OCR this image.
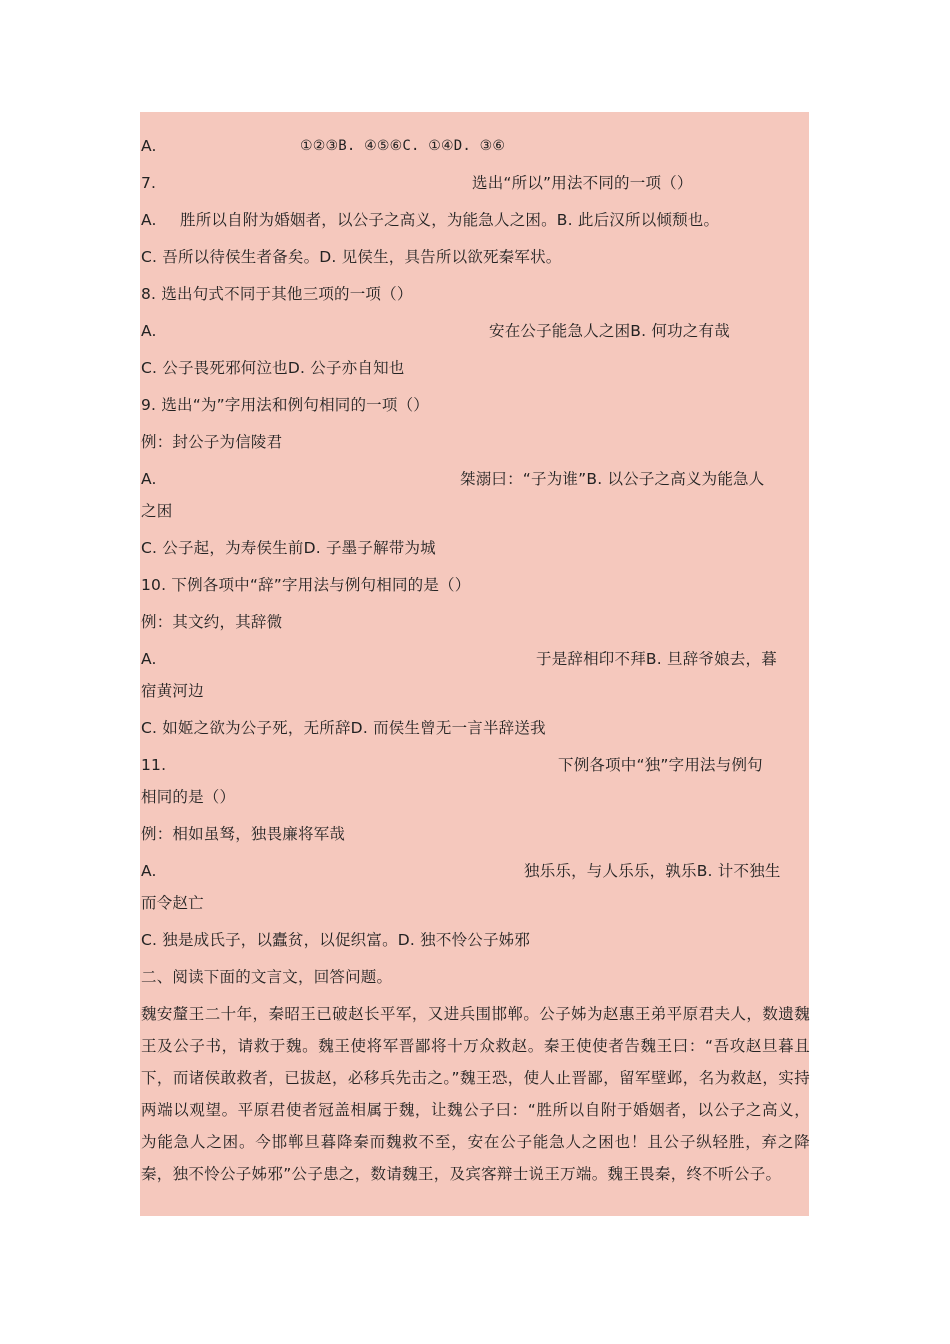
A.	①②③B. ④⑤⑥C. ①④D. ③⑥
7.	选出“所以”用法不同的一项（）
A. 胜所以自附为婚姻者，以公子之高义，为能急人之困。B. 此后汉所以倾颓也。
C. 吾所以待侯生者备矣。D. 见侯生，具告所以欲死秦军状。
8. 选出句式不同于其他三项的一项（）
A.	安在公子能急人之困B. 何功之有哉
C. 公子畏死邪何泣也D. 公子亦自知也
9. 选出“为”字用法和例句相同的一项（）
例：封公子为信陵君
A.	桀溺曰：“子为谁”B. 以公子之高义为能急人
之困
C. 公子起，为寿侯生前D. 子墨子解带为城
10. 下例各项中“辞”字用法与例句相同的是（）
例：其文约，其辞微
A.	于是辞相印不拜B. 旦辞爷娘去，暮
宿黄河边
C. 如姬之欲为公子死，无所辞D. 而侯生曾无一言半辞送我
11.	下例各项中“独”字用法与例句
相同的是（）
例：相如虽驽，独畏廉将军哉
A.	独乐乐，与人乐乐，孰乐B. 计不独生
而令赵亡
C. 独是成氏子，以蠹贫，以促织富。D. 独不怜公子姊邪
二、阅读下面的文言文，回答问题。
魏安釐王二十年，秦昭王已破赵长平军，又进兵围邯郸。公子姊为赵惠王弟平原君夫人，数遗魏王及公子书，请救于魏。魏王使将军晋鄙将十万众救赵。秦王使使者告魏王曰：“吾攻赵旦暮且下，而诸侯敢救者，已拔赵，必移兵先击之。”魏王恐，使人止晋鄙，留军壁邺，名为救赵，实持两端以观望。平原君使者冠盖相属于魏，让魏公子曰：“胜所以自附于婚姻者，以公子之高义，为能急人之困。今邯郸旦暮降秦而魏救不至，安在公子能急人之困也！且公子纵轻胜，弃之降秦，独不怜公子姊邪”公子患之，数请魏王，及宾客辩士说王万端。魏王畏秦，终不听公子。
